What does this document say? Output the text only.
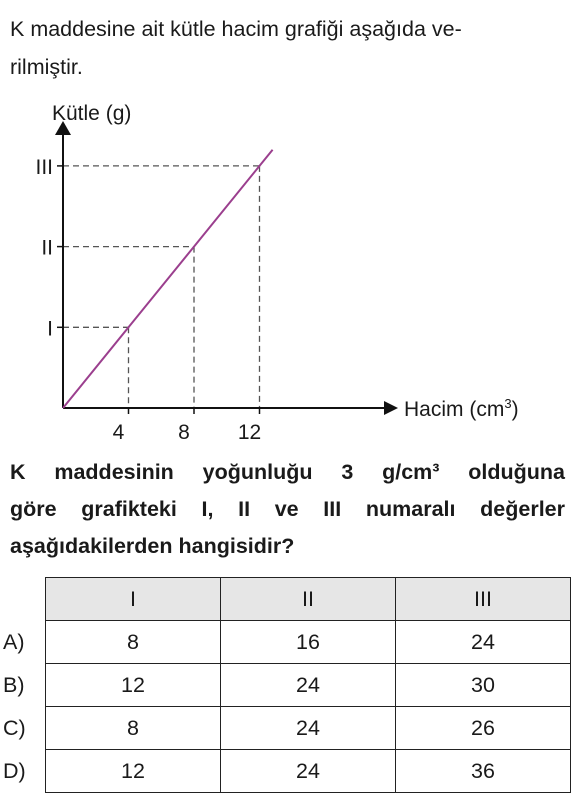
K maddesine ait kütle hacim grafiği aşağıda ve-
rilmiştir.

4	8 12
I
II
III
Kütle (g)
Hacim $(cm^3)$

K maddesinin yoğunluğu 3 g/cm³ olduğuna
göre grafikteki I, II ve III numaralı değerler
aşağıdakilerden hangisidir?

	I	II	III
A)	8	16	24
B)	12	24	30
C)	8	24	26
D)	12	24	36
